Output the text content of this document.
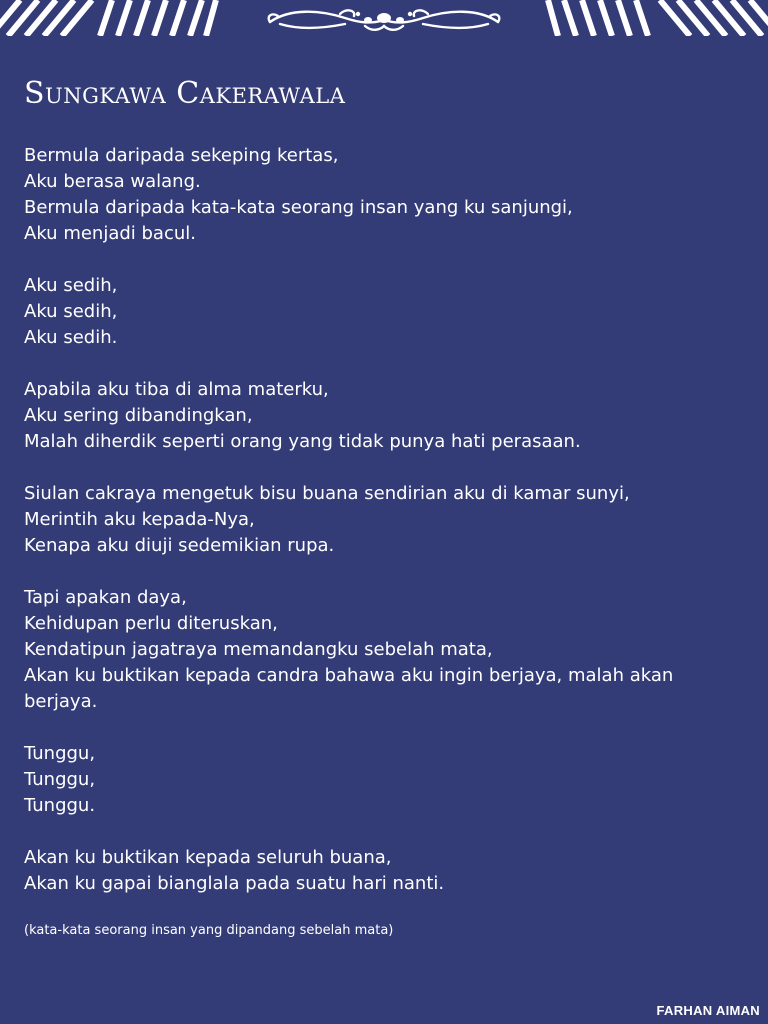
Sungkawa Cakerawala
Bermula daripada sekeping kertas,
Aku berasa walang.
Bermula daripada kata-kata seorang insan yang ku sanjungi,
Aku menjadi bacul.
Aku sedih,
Aku sedih,
Aku sedih.
Apabila aku tiba di alma materku,
Aku sering dibandingkan,
Malah diherdik seperti orang yang tidak punya hati perasaan.
Siulan cakraya mengetuk bisu buana sendirian aku di kamar sunyi,
Merintih aku kepada-Nya,
Kenapa aku diuji sedemikian rupa.
Tapi apakan daya,
Kehidupan perlu diteruskan,
Kendatipun jagatraya memandangku sebelah mata,
Akan ku buktikan kepada candra bahawa aku ingin berjaya, malah akan berjaya.
Tunggu,
Tunggu,
Tunggu.
Akan ku buktikan kepada seluruh buana,
Akan ku gapai bianglala pada suatu hari nanti.
(kata-kata seorang insan yang dipandang sebelah mata)
FARHAN AIMAN
